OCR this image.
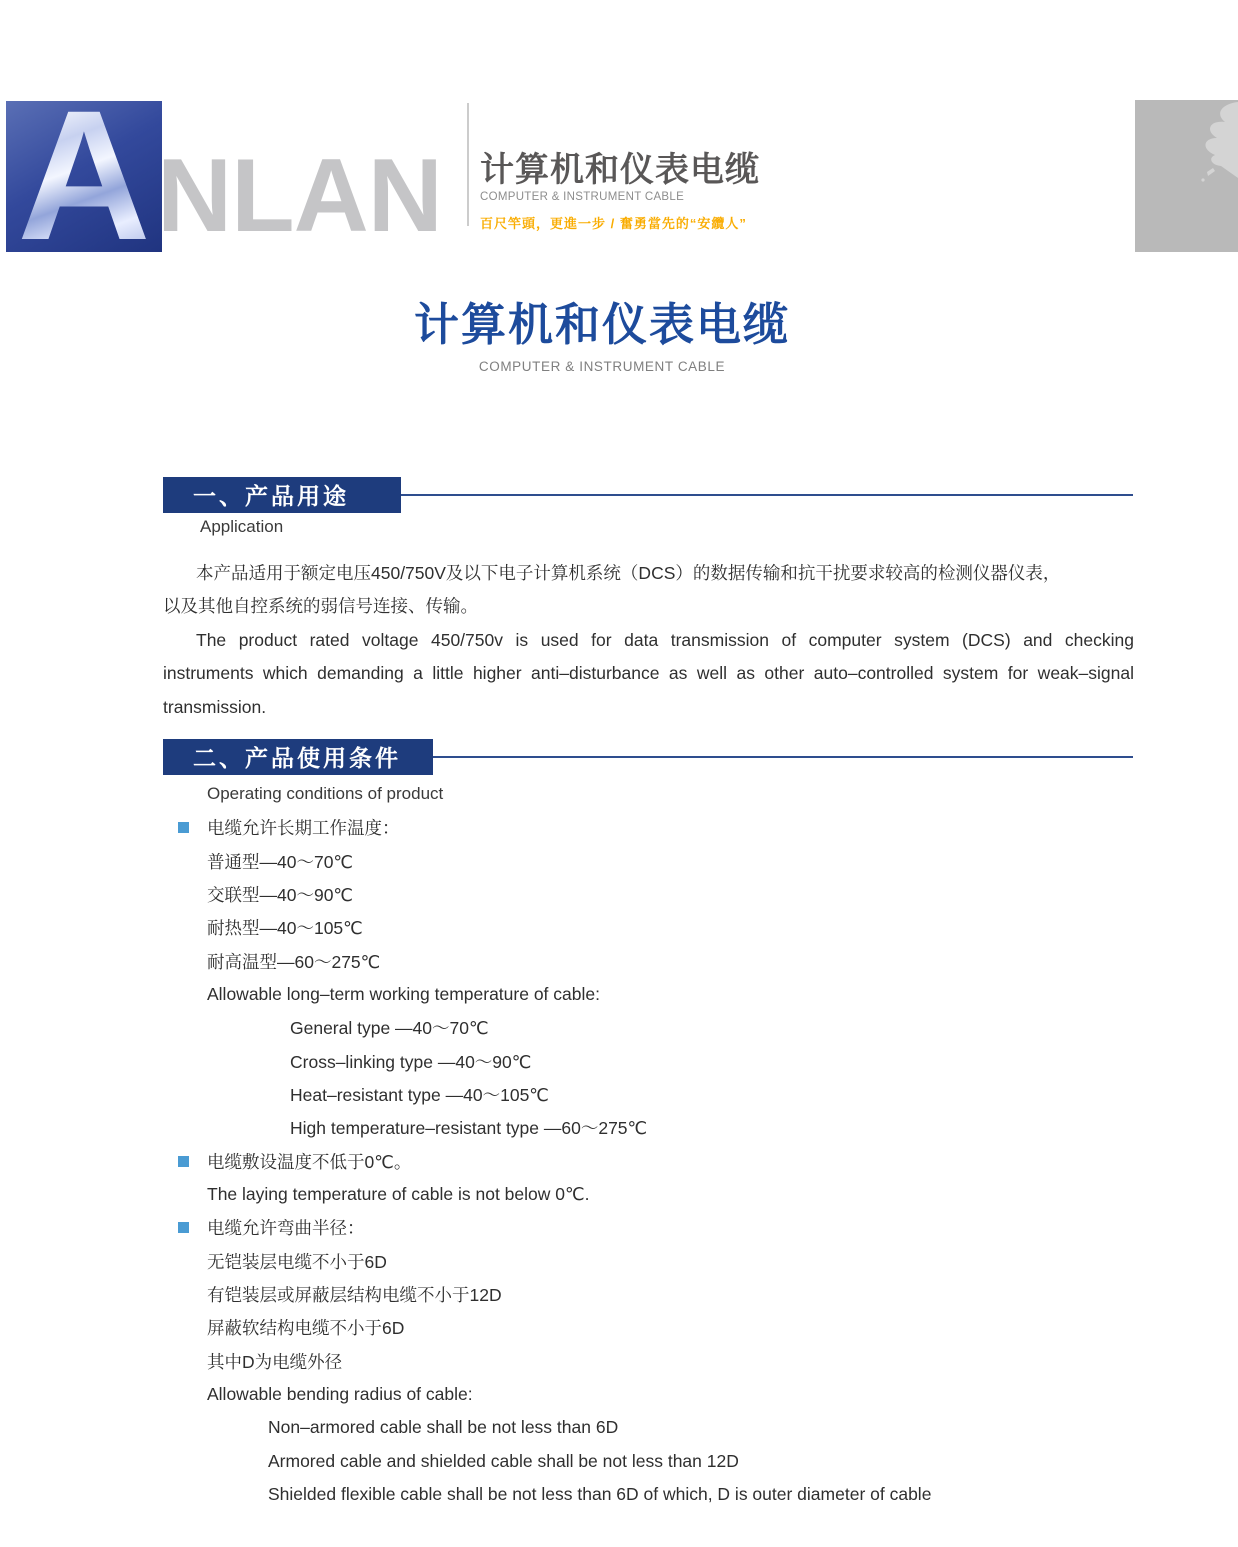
A NLAN 计算机和仪表电缆
COMPUTER & INSTRUMENT CABLE
百尺竿頭，更進一步 / 奮勇當先的“安纜人”
计算机和仪表电缆
COMPUTER & INSTRUMENT CABLE
一、产品用途
Application
本产品适用于额定电压450/750V及以下电子计算机系统（DCS）的数据传输和抗干扰要求较高的检测仪器仪表，
以及其他自控系统的弱信号连接、传输。
The product rated voltage 450/750v is used for data transmission of computer system (DCS) and checking
instruments which demanding a little higher anti–disturbance as well as other auto–controlled system for weak–signal
transmission.
二、产品使用条件
Operating conditions of product
电缆允许长期工作温度：
普通型—40～70℃
交联型—40～90℃
耐热型—40～105℃
耐高温型—60～275℃
Allowable long–term working temperature of cable:
General type —40～70℃
Cross–linking type —40～90℃
Heat–resistant type —40～105℃
High temperature–resistant type —60～275℃
电缆敷设温度不低于0℃。
The laying temperature of cable is not below 0℃.
电缆允许弯曲半径：
无铠装层电缆不小于6D
有铠装层或屏蔽层结构电缆不小于12D
屏蔽软结构电缆不小于6D
其中D为电缆外径
Allowable bending radius of cable:
Non–armored cable shall be not less than 6D
Armored cable and shielded cable shall be not less than 12D
Shielded flexible cable shall be not less than 6D of which, D is outer diameter of cable
